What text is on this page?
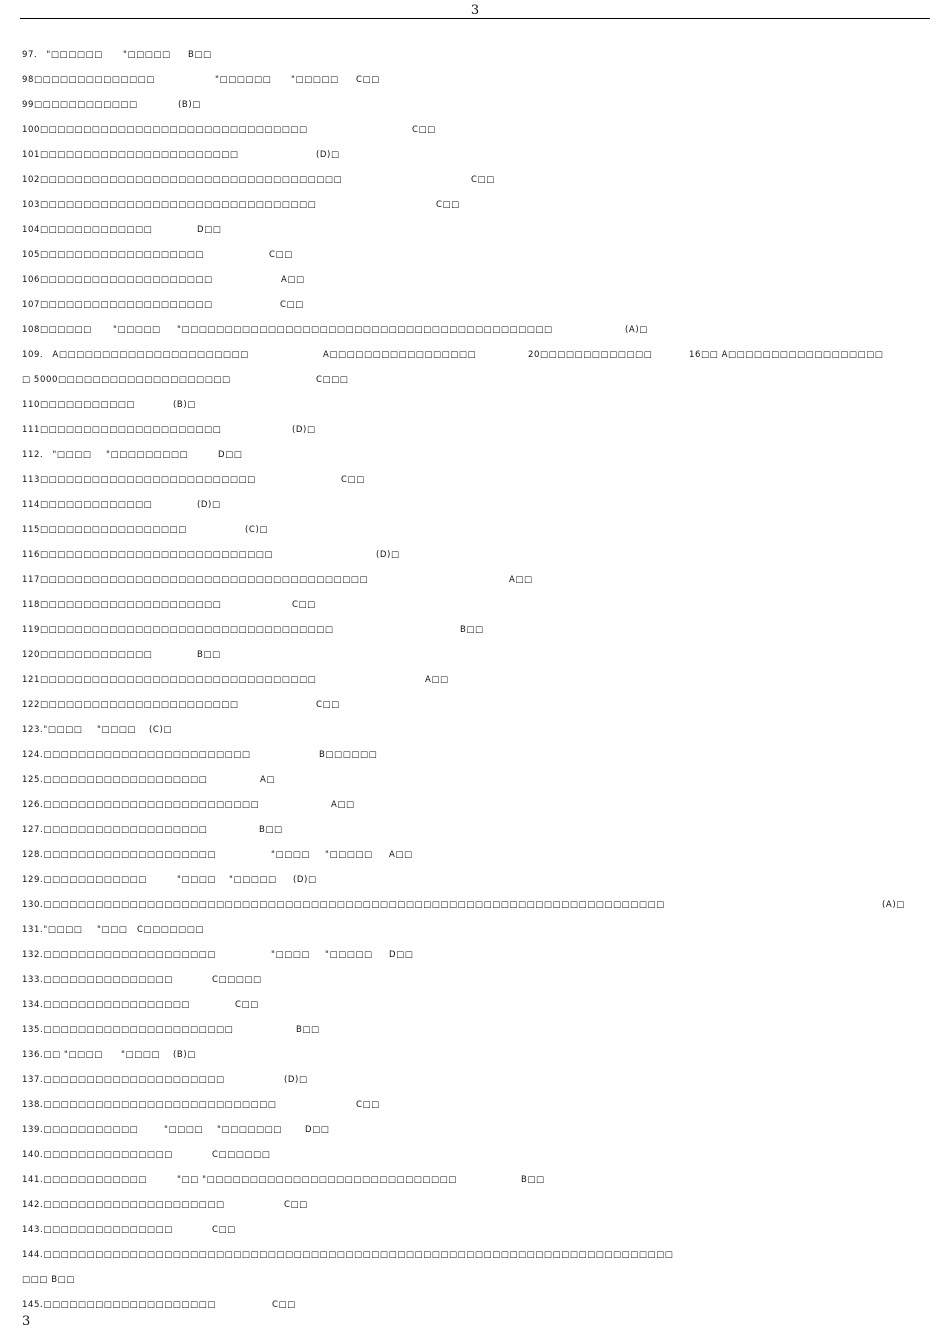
3
97． "□□□□□□ "□□□□□ B□□
98□□□□□□□□□□□□□□	"□□□□□□ "□□□□□ C□□
99□□□□□□□□□□□□	(B)□
100□□□□□□□□□□□□□□□□□□□□□□□□□□□□□□□	C□□
101□□□□□□□□□□□□□□□□□□□□□□□	(D)□
102□□□□□□□□□□□□□□□□□□□□□□□□□□□□□□□□□□□	C□□
103□□□□□□□□□□□□□□□□□□□□□□□□□□□□□□□□	C□□
104□□□□□□□□□□□□□	D□□
105□□□□□□□□□□□□□□□□□□□	C□□
106□□□□□□□□□□□□□□□□□□□□	A□□
107□□□□□□□□□□□□□□□□□□□□	C□□
108□□□□□□ "□□□□□ "□□□□□□□□□□□□□□□□□□□□□□□□□□□□□□□□□□□□□□□□□□□	(A)□
109． A□□□□□□□□□□□□□□□□□□□□□□	A□□□□□□□□□□□□□□□□□	20□□□□□□□□□□□□□	16□□ A□□□□□□□□□□□□□□□□□□
□ 5000□□□□□□□□□□□□□□□□□□□□	C□□□
110□□□□□□□□□□□	(B)□
111□□□□□□□□□□□□□□□□□□□□□	(D)□
112． "□□□□ "□□□□□□□□□	D□□
113□□□□□□□□□□□□□□□□□□□□□□□□□	C□□
114□□□□□□□□□□□□□	(D)□
115□□□□□□□□□□□□□□□□□	(C)□
116□□□□□□□□□□□□□□□□□□□□□□□□□□□	(D)□
117□□□□□□□□□□□□□□□□□□□□□□□□□□□□□□□□□□□□□□	A□□
118□□□□□□□□□□□□□□□□□□□□□	C□□
119□□□□□□□□□□□□□□□□□□□□□□□□□□□□□□□□□□	B□□
120□□□□□□□□□□□□□	B□□
121□□□□□□□□□□□□□□□□□□□□□□□□□□□□□□□□	A□□
122□□□□□□□□□□□□□□□□□□□□□□□	C□□
123."□□□□ "□□□□ (C)□
124.□□□□□□□□□□□□□□□□□□□□□□□□	B□□□□□□
125.□□□□□□□□□□□□□□□□□□□	A□
126.□□□□□□□□□□□□□□□□□□□□□□□□□	A□□
127.□□□□□□□□□□□□□□□□□□□	B□□
128.□□□□□□□□□□□□□□□□□□□□	"□□□□ "□□□□□ A□□
129.□□□□□□□□□□□□	"□□□□ "□□□□□ (D)□
130.□□□□□□□□□□□□□□□□□□□□□□□□□□□□□□□□□□□□□□□□□□□□□□□□□□□□□□□□□□□□□□□□□□□□□□□□	(A)□
131."□□□□ "□□□ C□□□□□□□
132.□□□□□□□□□□□□□□□□□□□□	"□□□□ "□□□□□ D□□
133.□□□□□□□□□□□□□□□	C□□□□□
134.□□□□□□□□□□□□□□□□□	C□□
135.□□□□□□□□□□□□□□□□□□□□□□	B□□
136.□□ "□□□□ "□□□□ (B)□
137.□□□□□□□□□□□□□□□□□□□□□	(D)□
138.□□□□□□□□□□□□□□□□□□□□□□□□□□□	C□□
139.□□□□□□□□□□□	"□□□□ "□□□□□□□	D□□
140.□□□□□□□□□□□□□□□	C□□□□□□
141.□□□□□□□□□□□□	"□□ "□□□□□□□□□□□□□□□□□□□□□□□□□□□□□	B□□
142.□□□□□□□□□□□□□□□□□□□□□	C□□
143.□□□□□□□□□□□□□□□	C□□
144.□□□□□□□□□□□□□□□□□□□□□□□□□□□□□□□□□□□□□□□□□□□□□□□□□□□□□□□□□□□□□□□□□□□□□□□□□
□□□ B□□
145.□□□□□□□□□□□□□□□□□□□□	C□□
3
